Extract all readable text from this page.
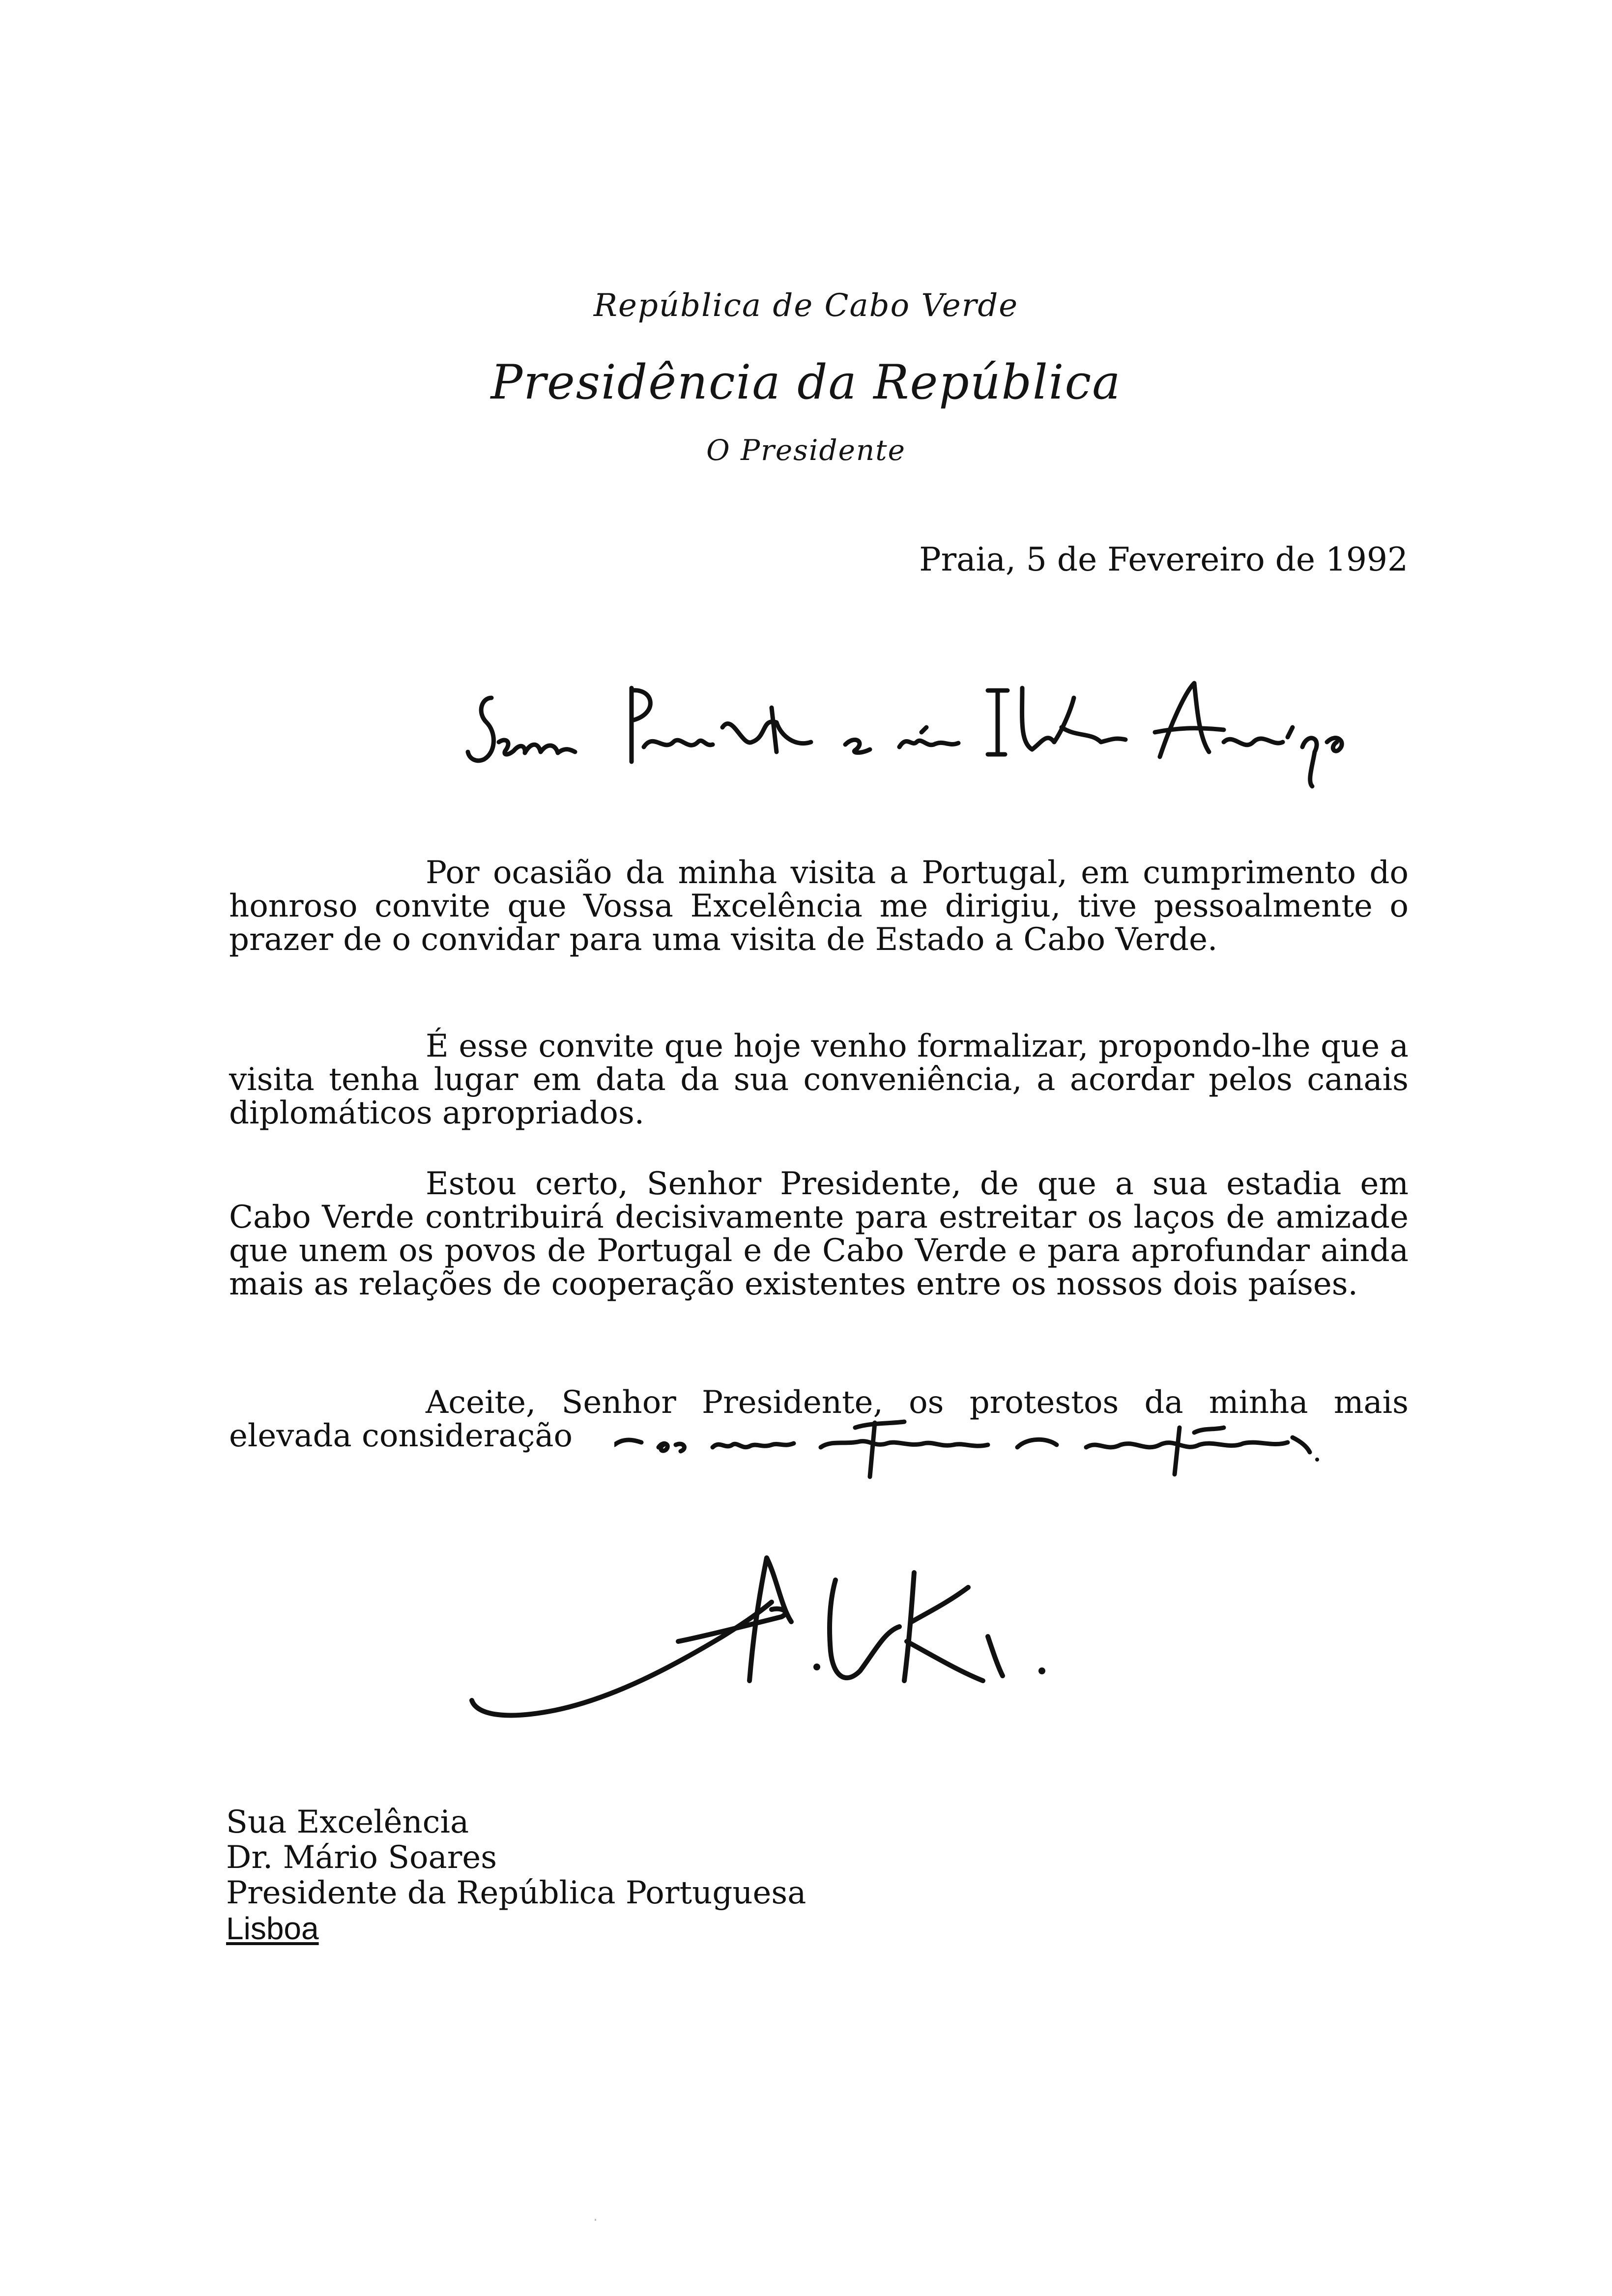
República de Cabo Verde
Presidência da República
O Presidente
Praia, 5 de Fevereiro de 1992
Por ocasião da minha visita a Portugal, em cumprimento do honroso convite que Vossa Excelência me dirigiu, tive pessoalmente o prazer de o convidar para uma visita de Estado a Cabo Verde.
É esse convite que hoje venho formalizar, propondo-lhe que a visita tenha lugar em data da sua conveniência, a acordar pelos canais diplomáticos apropriados.
Estou certo, Senhor Presidente, de que a sua estadia em Cabo Verde contribuirá decisivamente para estreitar os laços de amizade que unem os povos de Portugal e de Cabo Verde e para aprofundar ainda mais as relações de cooperação existentes entre os nossos dois países.
Aceite, Senhor Presidente, os protestos da minha mais elevada consideração
Sua Excelência
Dr. Mário Soares
Presidente da República Portuguesa
Lisboa
